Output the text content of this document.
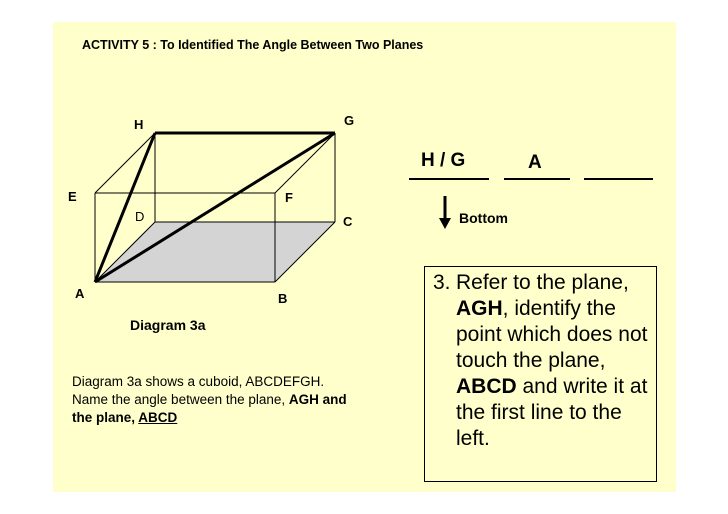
ACTIVITY 5 : To Identified The Angle Between Two Planes
H	G
E	F
D	C
A	B
Diagram 3a
Diagram 3a shows a cuboid, ABCDEFGH. Name the angle between the plane, AGH and the plane, ABCD
H / G	A
Bottom
3. Refer to the plane, AGH, identify the point which does not touch the plane, ABCD and write it at the first line to the left.
